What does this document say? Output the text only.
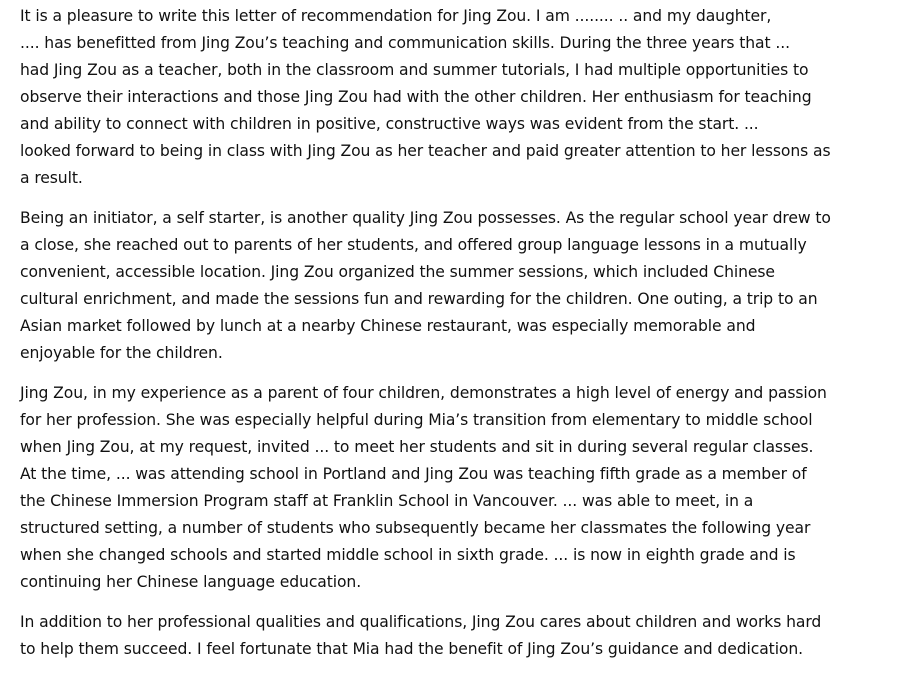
It is a pleasure to write this letter of recommendation for Jing Zou. I am ........ .. and my daughter,
.... has benefitted from Jing Zou’s teaching and communication skills. During the three years that ...
had Jing Zou as a teacher, both in the classroom and summer tutorials, I had multiple opportunities to
observe their interactions and those Jing Zou had with the other children. Her enthusiasm for teaching
and ability to connect with children in positive, constructive ways was evident from the start. ...
looked forward to being in class with Jing Zou as her teacher and paid greater attention to her lessons as
a result.
Being an initiator, a self starter, is another quality Jing Zou possesses. As the regular school year drew to
a close, she reached out to parents of her students, and offered group language lessons in a mutually
convenient, accessible location. Jing Zou organized the summer sessions, which included Chinese
cultural enrichment, and made the sessions fun and rewarding for the children. One outing, a trip to an
Asian market followed by lunch at a nearby Chinese restaurant, was especially memorable and
enjoyable for the children.
Jing Zou, in my experience as a parent of four children, demonstrates a high level of energy and passion
for her profession. She was especially helpful during Mia’s transition from elementary to middle school
when Jing Zou, at my request, invited ... to meet her students and sit in during several regular classes.
At the time, ... was attending school in Portland and Jing Zou was teaching fifth grade as a member of
the Chinese Immersion Program staff at Franklin School in Vancouver. ... was able to meet, in a
structured setting, a number of students who subsequently became her classmates the following year
when she changed schools and started middle school in sixth grade. ... is now in eighth grade and is
continuing her Chinese language education.
In addition to her professional qualities and qualifications, Jing Zou cares about children and works hard
to help them succeed. I feel fortunate that Mia had the benefit of Jing Zou’s guidance and dedication.
